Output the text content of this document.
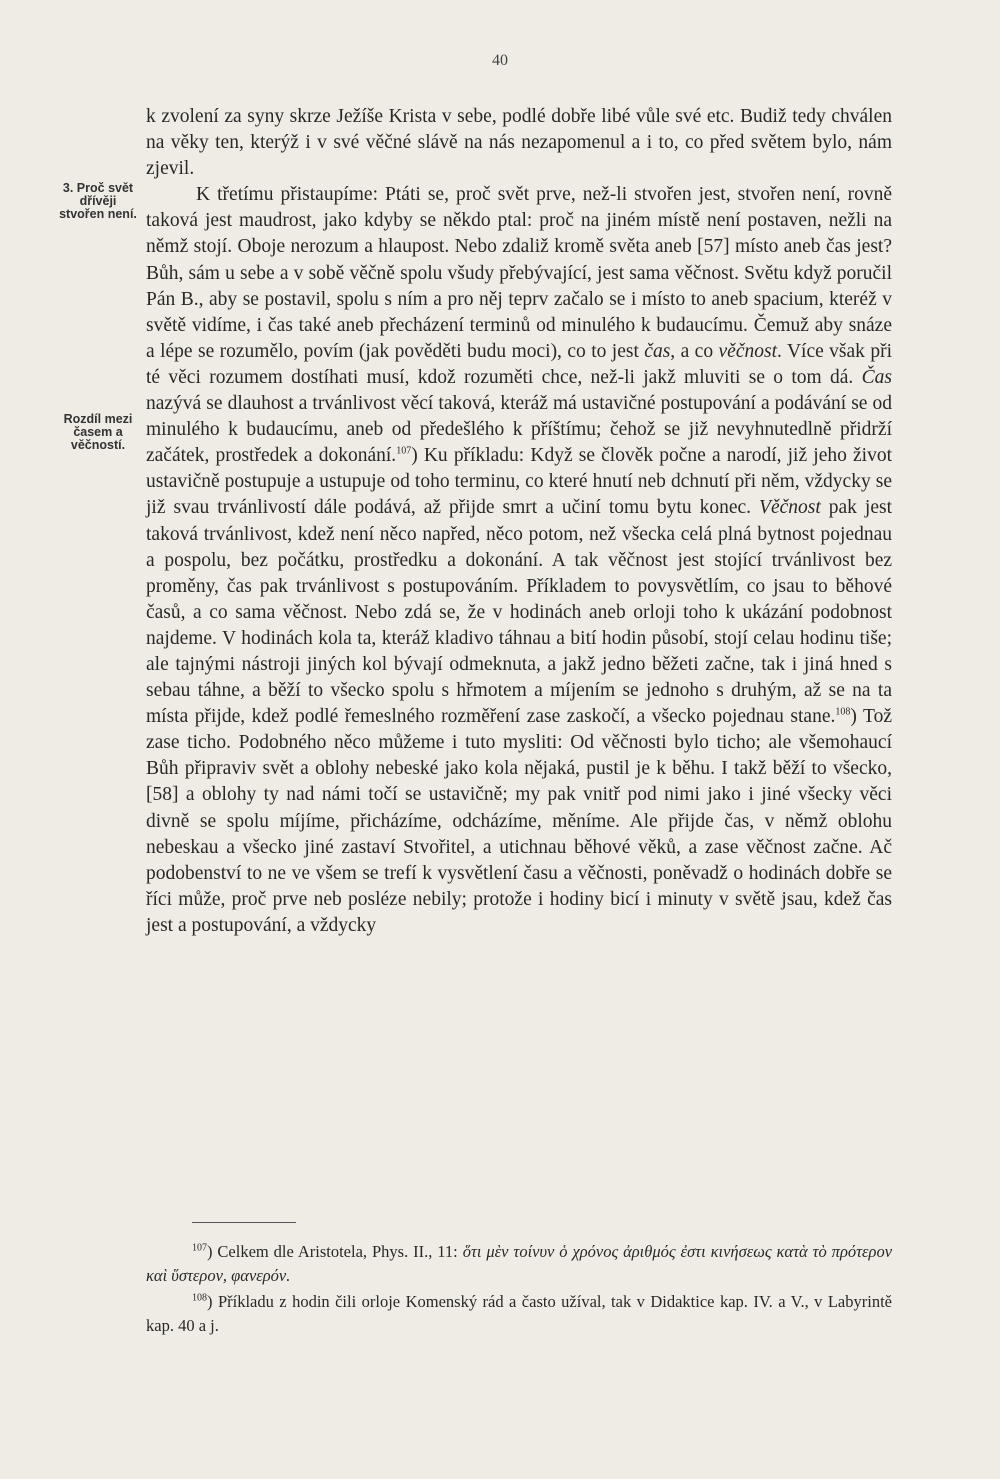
40
3. Proč svět dřívěji stvořen není.
Rozdíl mezi časem a věčností.

k zvolení za syny skrze Ježíše Krista v sebe, podlé dobře libé vůle své etc. Budiž tedy chválen na věky ten, kterýž i v své věčné slávě na nás nezapomenul a i to, co před světem bylo, nám zjevil.

K třetímu přistaupíme: Ptáti se, proč svět prve, než-li stvořen jest, stvořen není, rovně taková jest maudrost, jako kdyby se někdo ptal: proč na jiném místě není postaven, nežli na němž stojí. Oboje nerozum a hlaupost. Nebo zdaliž kromě světa aneb [57] místo aneb čas jest? Bůh, sám u sebe a v sobě věčně spolu všudy přebývající, jest sama věčnost. Světu když poručil Pán B., aby se postavil, spolu s ním a pro něj teprv začalo se i místo to aneb spacium, kteréž v světě vidíme, i čas také aneb přecházení terminů od minulého k budaucímu. Čemuž aby snáze a lépe se rozumělo, povím (jak pověděti budu moci), co to jest čas, a co věčnost. Více však při té věci rozumem dostíhati musí, kdož rozuměti chce, než-li jakž mluviti se o tom dá. Čas nazývá se dlauhost a trvánlivost věcí taková, kteráž má ustavičné postupování a podávání se od minulého k budaucímu, aneb od předešlého k příštímu; čehož se již nevyhnutedlně přidrží začátek, prostředek a dokonání.$^{107}$) Ku příkladu: Když se člověk počne a narodí, již jeho život ustavičně postupuje a ustupuje od toho terminu, co které hnutí neb dchnutí při něm, vždycky se již svau trvánlivostí dále podává, až přijde smrt a učiní tomu bytu konec. Věčnost pak jest taková trvánlivost, kdež není něco napřed, něco potom, než všecka celá plná bytnost pojednau a pospolu, bez počátku, prostředku a dokonání. A tak věčnost jest stojící trvánlivost bez proměny, čas pak trvánlivost s postupováním. Příkladem to povysvětlím, co jsau to běhové časů, a co sama věčnost. Nebo zdá se, že v hodinách aneb orloji toho k ukázání podobnost najdeme. V hodinách kola ta, kteráž kladivo táhnau a bití hodin působí, stojí celau hodinu tiše; ale tajnými nástroji jiných kol bývají odmeknuta, a jakž jedno běžeti začne, tak i jiná hned s sebau táhne, a běží to všecko spolu s hřmotem a míjením se jednoho s druhým, až se na ta místa přijde, kdež podlé řemeslného rozměření zase zaskočí, a všecko pojednau stane.$^{108}$) Tož zase ticho. Podobného něco můžeme i tuto mysliti: Od věčnosti bylo ticho; ale všemohaucí Bůh připraviv svět a oblohy nebeské jako kola nějaká, pustil je k běhu. I takž běží to všecko, [58] a oblohy ty nad námi točí se ustavičně; my pak vnitř pod nimi jako i jiné všecky věci divně se spolu míjíme, přicházíme, odcházíme, měníme. Ale přijde čas, v němž oblohu nebeskau a všecko jiné zastaví Stvořitel, a utichnau běhové věků, a zase věčnost začne. Ač podobenství to ne ve všem se trefí k vysvětlení času a věčnosti, poněvadž o hodinách dobře se říci může, proč prve neb posléze nebily; protože i hodiny bicí i minuty v světě jsau, kdež čas jest a postupování, a vždycky

$^{107}$) Celkem dle Aristotela, Phys. II., 11: ὅτι μὲν τοίνυν ὁ χρόνος ἀριθμός ἐστι κινήσεως κατὰ τὸ πρότερον καὶ ὕστερον, φανερόν.

$^{108}$) Příkladu z hodin čili orloje Komenský rád a často užíval, tak v Didaktice kap. IV. a V., v Labyrintě kap. 40 a j.
